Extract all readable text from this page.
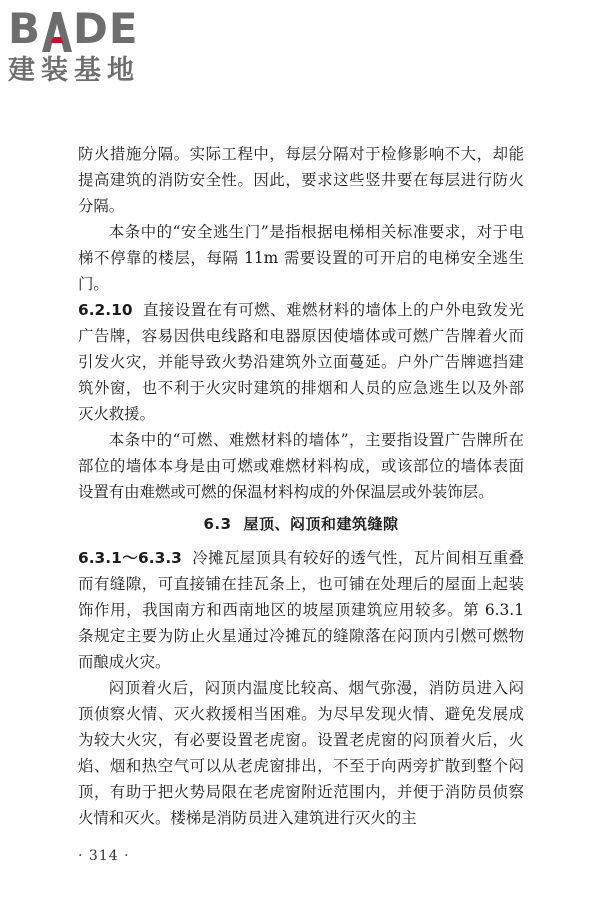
B DE
建装基地

防火措施分隔。实际工程中，每层分隔对于检修影响不大，却能提高建筑的消防安全性。因此，要求这些竖井要在每层进行防火分隔。

本条中的“安全逃生门”是指根据电梯相关标准要求，对于电梯不停靠的楼层，每隔 11m 需要设置的可开启的电梯安全逃生门。

6.2.10 直接设置在有可燃、难燃材料的墙体上的户外电致发光广告牌，容易因供电线路和电器原因使墙体或可燃广告牌着火而引发火灾，并能导致火势沿建筑外立面蔓延。户外广告牌遮挡建筑外窗，也不利于火灾时建筑的排烟和人员的应急逃生以及外部灭火救援。

本条中的“可燃、难燃材料的墙体”，主要指设置广告牌所在部位的墙体本身是由可燃或难燃材料构成，或该部位的墙体表面设置有由难燃或可燃的保温材料构成的外保温层或外装饰层。

6.3 屋顶、闷顶和建筑缝隙

6.3.1～6.3.3 冷摊瓦屋顶具有较好的透气性，瓦片间相互重叠而有缝隙，可直接铺在挂瓦条上，也可铺在处理后的屋面上起装饰作用，我国南方和西南地区的坡屋顶建筑应用较多。第 6.3.1 条规定主要为防止火星通过冷摊瓦的缝隙落在闷顶内引燃可燃物而酿成火灾。

闷顶着火后，闷顶内温度比较高、烟气弥漫，消防员进入闷顶侦察火情、灭火救援相当困难。为尽早发现火情、避免发展成为较大火灾，有必要设置老虎窗。设置老虎窗的闷顶着火后，火焰、烟和热空气可以从老虎窗排出，不至于向两旁扩散到整个闷顶，有助于把火势局限在老虎窗附近范围内，并便于消防员侦察火情和灭火。楼梯是消防员进入建筑进行灭火的主

· 314 ·
